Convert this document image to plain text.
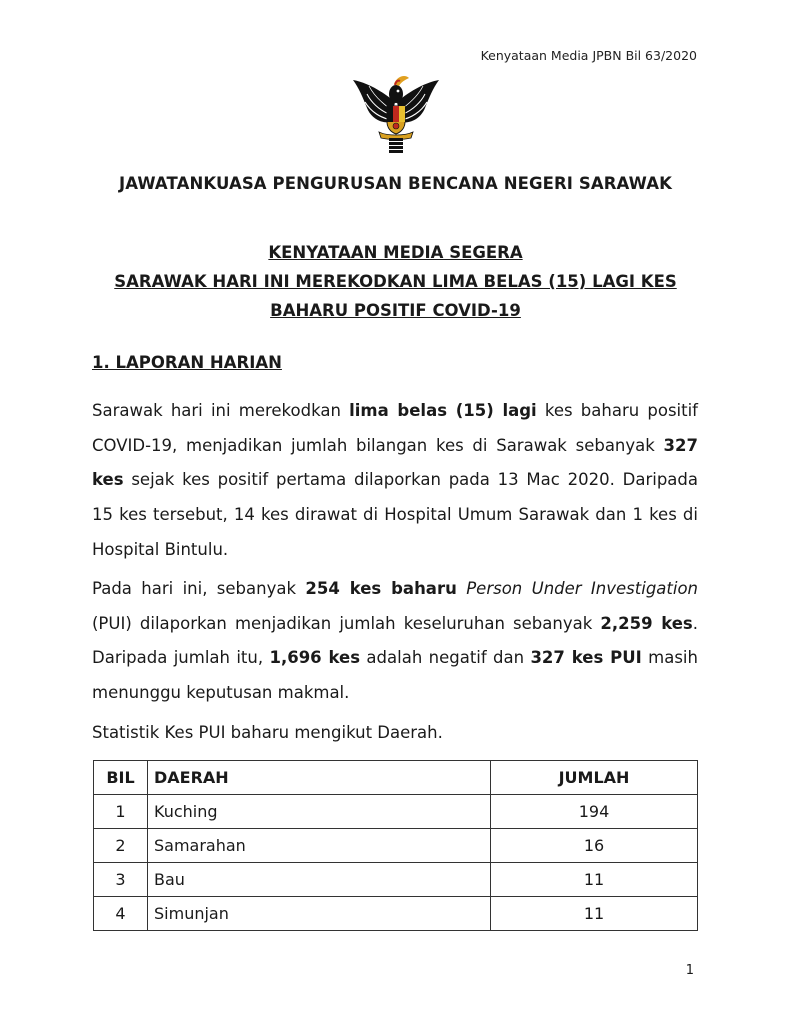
Kenyataan Media JPBN Bil 63/2020
JAWATANKUASA PENGURUSAN BENCANA NEGERI SARAWAK
KENYATAAN MEDIA SEGERA
SARAWAK HARI INI MEREKODKAN LIMA BELAS (15) LAGI KES
BAHARU POSITIF COVID-19
1. LAPORAN HARIAN

Sarawak hari ini merekodkan lima belas (15) lagi kes baharu positif COVID-19, menjadikan jumlah bilangan kes di Sarawak sebanyak 327 kes sejak kes positif pertama dilaporkan pada 13 Mac 2020. Daripada 15 kes tersebut, 14 kes dirawat di Hospital Umum Sarawak dan 1 kes di Hospital Bintulu.

Pada hari ini, sebanyak 254 kes baharu Person Under Investigation (PUI) dilaporkan menjadikan jumlah keseluruhan sebanyak 2,259 kes. Daripada jumlah itu, 1,696 kes adalah negatif dan 327 kes PUI masih menunggu keputusan makmal.

Statistik Kes PUI baharu mengikut Daerah.

BIL	DAERAH	JUMLAH
1	Kuching	194
2	Samarahan	16
3	Bau	11
4	Simunjan	11
1
